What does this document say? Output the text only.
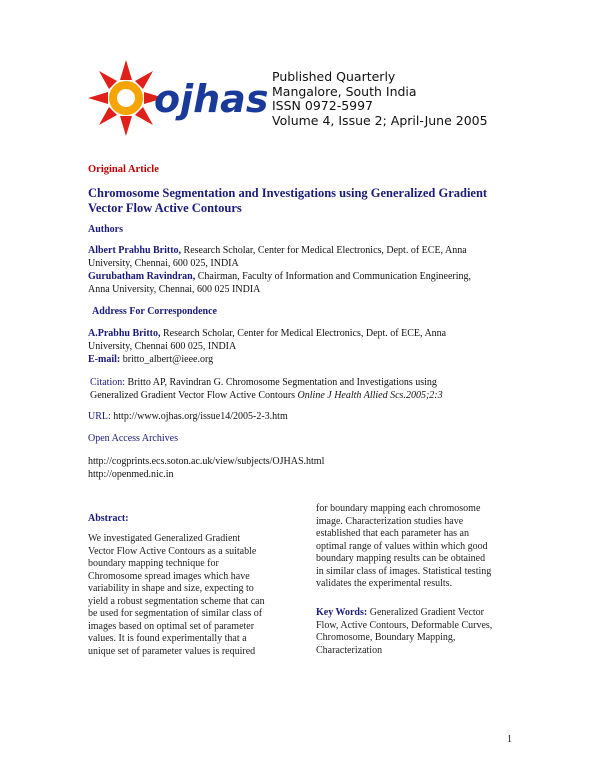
ojhas
Published Quarterly
Mangalore, South India
ISSN 0972-5997
Volume 4, Issue 2; April-June 2005
Original Article
Chromosome Segmentation and Investigations using Generalized Gradient
Vector Flow Active Contours
Authors
Albert Prabhu Britto, Research Scholar, Center for Medical Electronics, Dept. of ECE, Anna
University, Chennai, 600 025, INDIA
Gurubatham Ravindran, Chairman, Faculty of Information and Communication Engineering,
Anna University, Chennai, 600 025 INDIA
Address For Correspondence
A.Prabhu Britto, Research Scholar, Center for Medical Electronics, Dept. of ECE, Anna
University, Chennai 600 025, INDIA
E-mail: britto_albert@ieee.org
Citation: Britto AP, Ravindran G. Chromosome Segmentation and Investigations using
Generalized Gradient Vector Flow Active Contours Online J Health Allied Scs.2005;2:3
URL: http://www.ojhas.org/issue14/2005-2-3.htm
Open Access Archives
http://cogprints.ecs.soton.ac.uk/view/subjects/OJHAS.html
http://openmed.nic.in
Abstract:
We investigated Generalized Gradient
Vector Flow Active Contours as a suitable
boundary mapping technique for
Chromosome spread images which have
variability in shape and size, expecting to
yield a robust segmentation scheme that can
be used for segmentation of similar class of
images based on optimal set of parameter
values. It is found experimentally that a
unique set of parameter values is required
for boundary mapping each chromosome
image. Characterization studies have
established that each parameter has an
optimal range of values within which good
boundary mapping results can be obtained
in similar class of images. Statistical testing
validates the experimental results.
Key Words: Generalized Gradient Vector
Flow, Active Contours, Deformable Curves,
Chromosome, Boundary Mapping,
Characterization
1
